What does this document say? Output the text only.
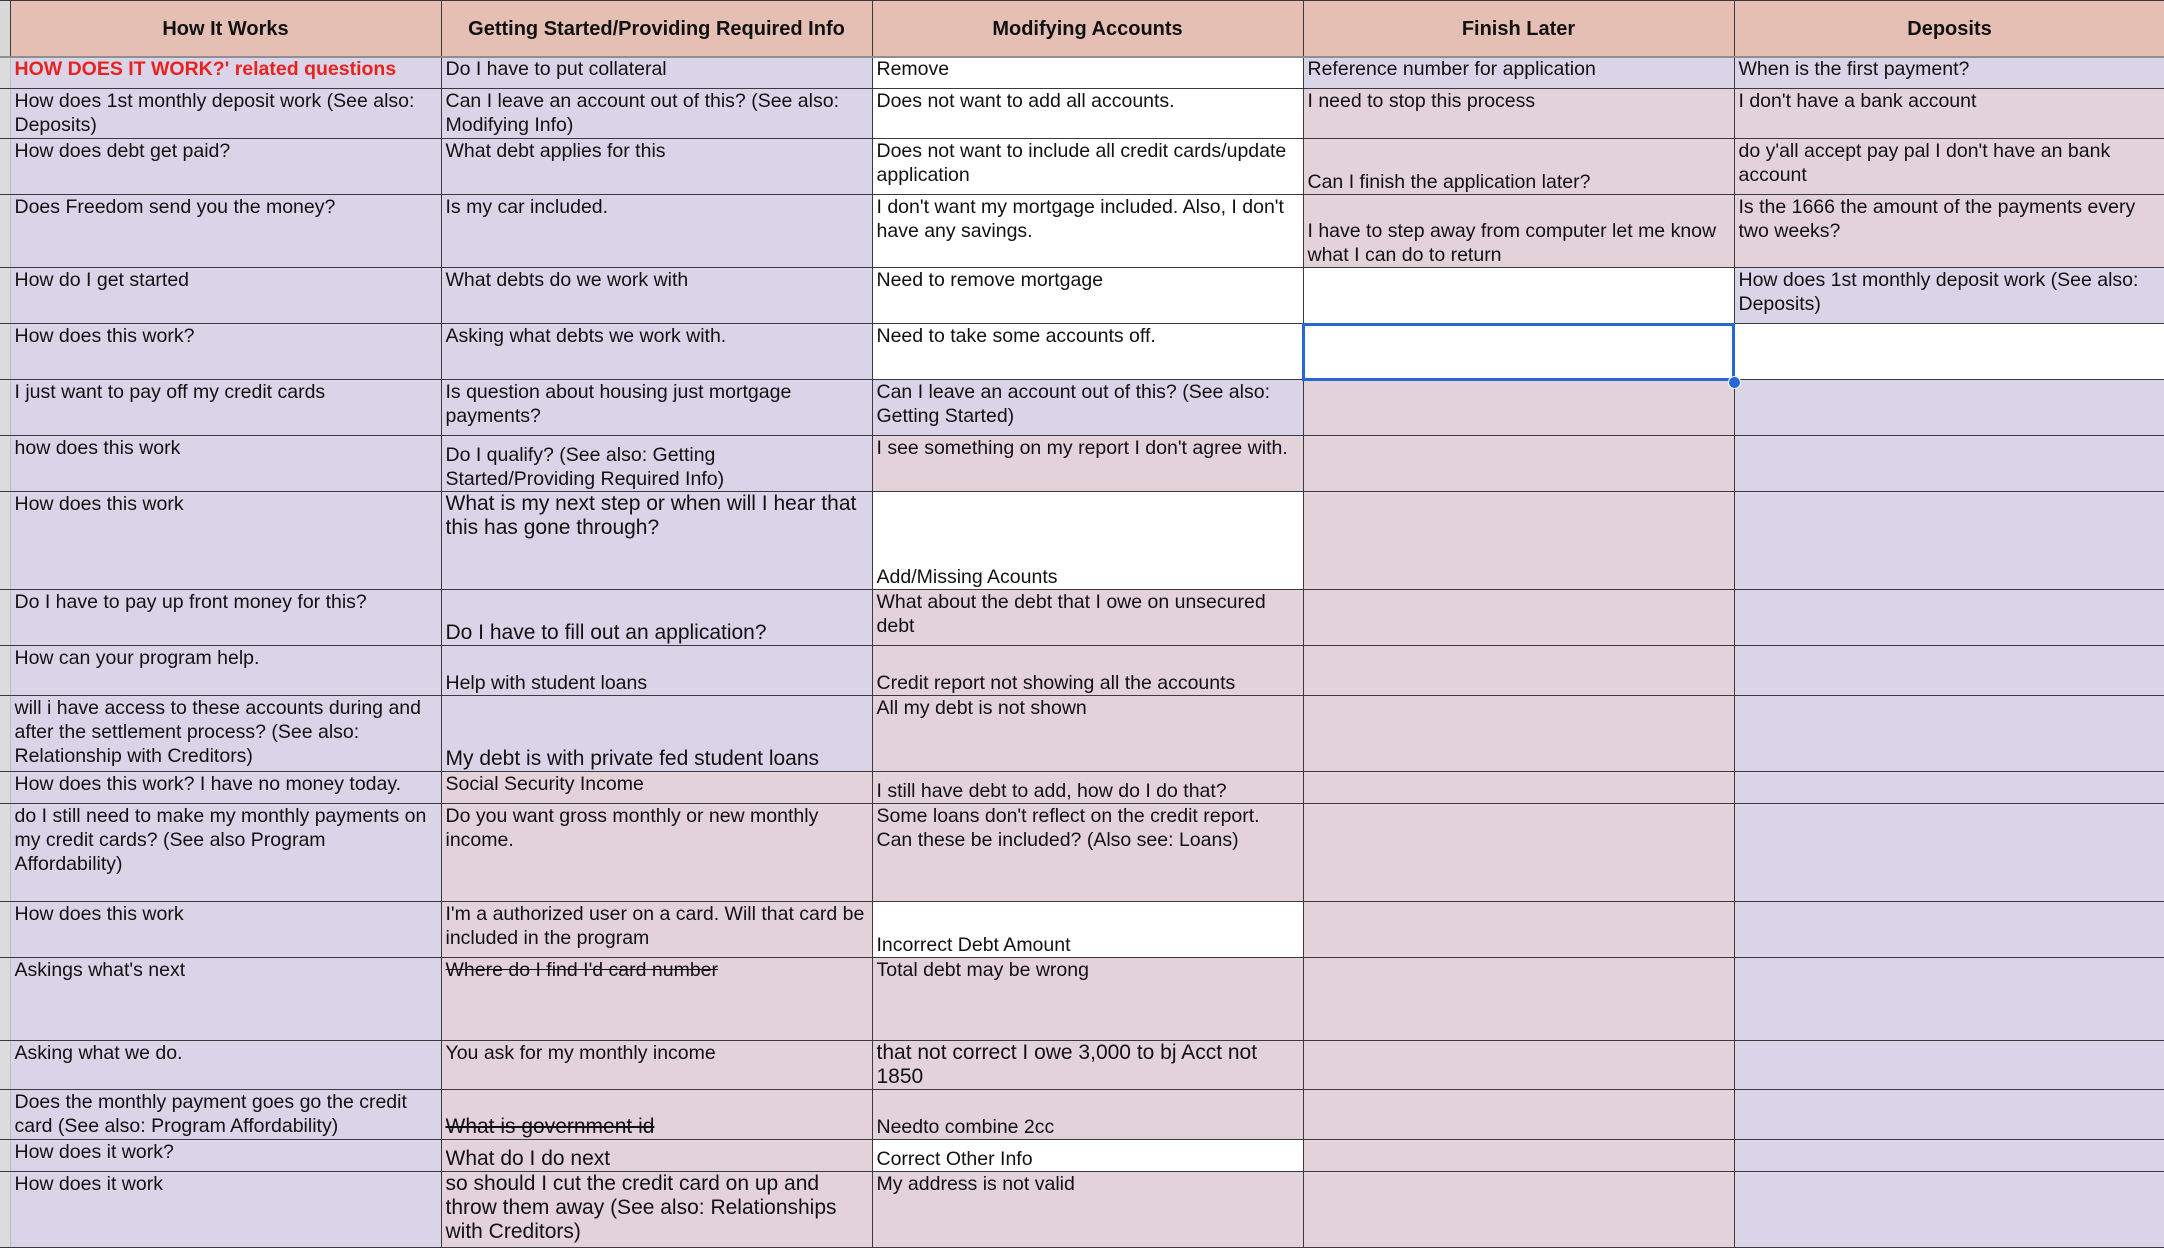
	How It Works	Getting Started/Providing Required Info	Modifying Accounts	Finish Later	Deposits
	HOW DOES IT WORK?' related questions	Do I have to put collateral	Remove	Reference number for application	When is the first payment?
	How does 1st monthly deposit work (See also: Deposits)	Can I leave an account out of this? (See also: Modifying Info)	Does not want to add all accounts.	I need to stop this process	I don't have a bank account
	How does debt get paid?	What debt applies for this	Does not want to include all credit cards/update application	Can I finish the application later?	do y'all accept pay pal I don't have an bank account
	Does Freedom send you the money?	Is my car included.	I don't want my mortgage included. Also, I don't have any savings.	I have to step away from computer let me know what I can do to return	Is the 1666 the amount of the payments every two weeks?
	How do I get started	What debts do we work with	Need to remove mortgage		How does 1st monthly deposit work (See also: Deposits)
	How does this work?	Asking what debts we work with.	Need to take some accounts off.		
	I just want to pay off my credit cards	Is question about housing just mortgage payments?	Can I leave an account out of this? (See also: Getting Started)		
	how does this work	Do I qualify? (See also: Getting Started/Providing Required Info)	I see something on my report I don't agree with.		
	How does this work	What is my next step or when will I hear that this has gone through?	Add/Missing Acounts		
	Do I have to pay up front money for this?	Do I have to fill out an application?	What about the debt that I owe on unsecured debt		
	How can your program help.	Help with student loans	Credit report not showing all the accounts		
	will i have access to these accounts during and after the settlement process? (See also: Relationship with Creditors)	My debt is with private fed student loans	All my debt is not shown		
	How does this work? I have no money today.	Social Security Income	I still have debt to add, how do I do that?		
	do I still need to make my monthly payments on my credit cards? (See also Program Affordability)	Do you want gross monthly or new monthly income.	Some loans don't reflect on the credit report. Can these be included? (Also see: Loans)		
	How does this work	I'm a authorized user on a card. Will that card be included in the program	Incorrect Debt Amount		
	Askings what's next	Where do I find I'd card number	Total debt may be wrong		
	Asking what we do.	You ask for my monthly income	that not correct I owe 3,000 to bj Acct not 1850		
	Does the monthly payment goes go the credit card (See also: Program Affordability)	What is government id	Needto combine 2cc		
	How does it work?	What do I do next	Correct Other Info		
	How does it work	so should I cut the credit card on up and throw them away (See also: Relationships with Creditors)	My address is not valid		
